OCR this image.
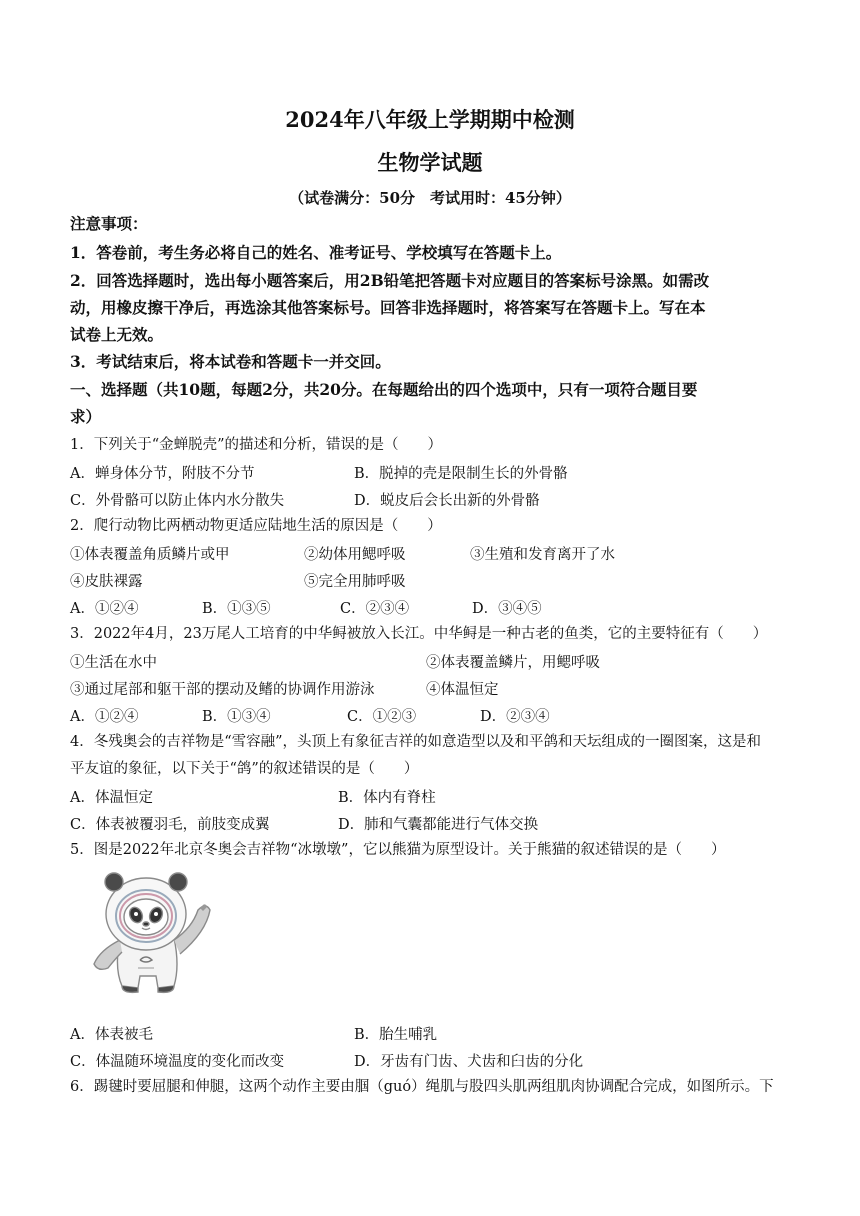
2024年八年级上学期期中检测
生物学试题
（试卷满分：50分　考试用时：45分钟）
注意事项：
1．答卷前，考生务必将自己的姓名、准考证号、学校填写在答题卡上。
2．回答选择题时，选出每小题答案后，用2B铅笔把答题卡对应题目的答案标号涂黑。如需改
动，用橡皮擦干净后，再选涂其他答案标号。回答非选择题时，将答案写在答题卡上。写在本
试卷上无效。
3．考试结束后，将本试卷和答题卡一并交回。
一、选择题（共10题，每题2分，共20分。在每题给出的四个选项中，只有一项符合题目要
求）
1．下列关于“金蝉脱壳”的描述和分析，错误的是（　　）
A．蝉身体分节，附肢不分节	B．脱掉的壳是限制生长的外骨骼
C．外骨骼可以防止体内水分散失	D．蜕皮后会长出新的外骨骼
2．爬行动物比两栖动物更适应陆地生活的原因是（　　）
①体表覆盖角质鳞片或甲	②幼体用鳃呼吸	③生殖和发育离开了水
④皮肤裸露	⑤完全用肺呼吸
A．①②④	B．①③⑤	C．②③④	D．③④⑤
3．2022年4月，23万尾人工培育的中华鲟被放入长江。中华鲟是一种古老的鱼类，它的主要特征有（　　）
①生活在水中	②体表覆盖鳞片，用鳃呼吸
③通过尾部和躯干部的摆动及鳍的协调作用游泳	④体温恒定
A．①②④	B．①③④	C．①②③	D．②③④
4．冬残奥会的吉祥物是“雪容融”，头顶上有象征吉祥的如意造型以及和平鸽和天坛组成的一圈图案，这是和
平友谊的象征，以下关于“鸽”的叙述错误的是（　　）
A．体温恒定	B．体内有脊柱
C．体表被覆羽毛，前肢变成翼	D．肺和气囊都能进行气体交换
5．图是2022年北京冬奥会吉祥物“冰墩墩”，它以熊猫为原型设计。关于熊猫的叙述错误的是（　　）
A．体表被毛	B．胎生哺乳
C．体温随环境温度的变化而改变	D．牙齿有门齿、犬齿和臼齿的分化
6．踢毽时要屈腿和伸腿，这两个动作主要由腘（guó）绳肌与股四头肌两组肌肉协调配合完成，如图所示。下
